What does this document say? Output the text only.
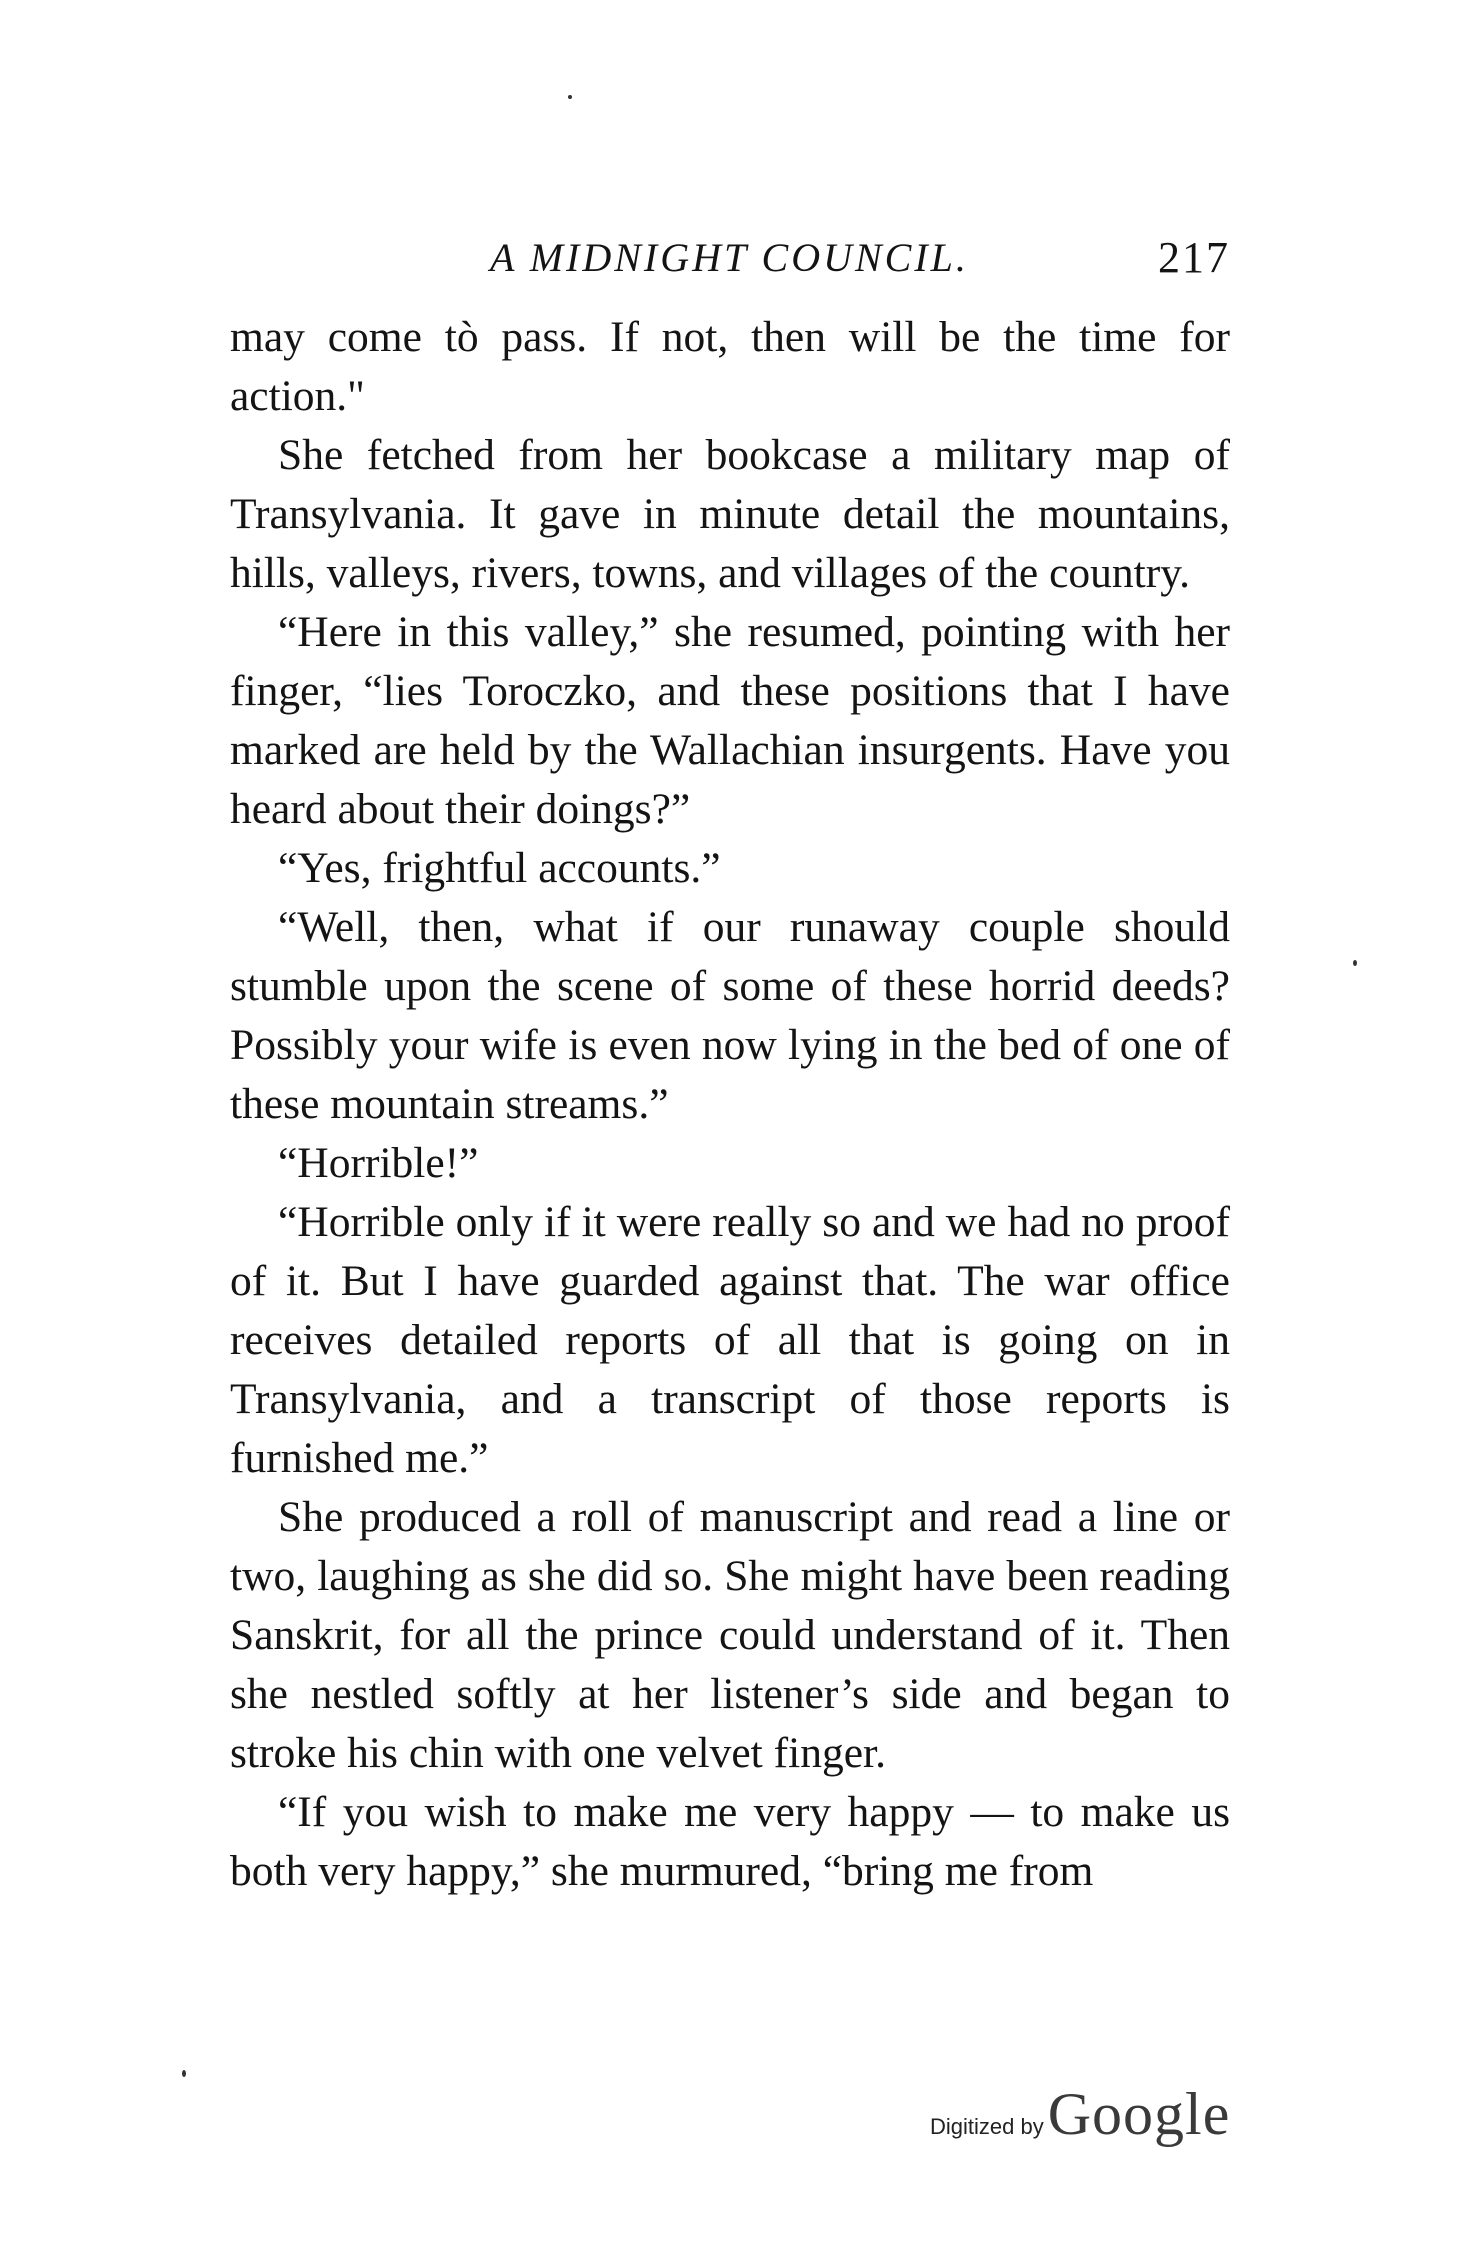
A MIDNIGHT COUNCIL.	217

may come tò pass. If not, then will be the time for action."

She fetched from her bookcase a military map of Transylvania. It gave in minute detail the mountains, hills, valleys, rivers, towns, and villages of the country.

“Here in this valley,” she resumed, pointing with her finger, “lies Toroczko, and these positions that I have marked are held by the Wallachian insurgents. Have you heard about their doings?”

“Yes, frightful accounts.”

“Well, then, what if our runaway couple should stumble upon the scene of some of these horrid deeds? Possibly your wife is even now lying in the bed of one of these mountain streams.”

“Horrible!”

“Horrible only if it were really so and we had no proof of it. But I have guarded against that. The war office receives detailed reports of all that is going on in Transylvania, and a transcript of those reports is furnished me.”

She produced a roll of manuscript and read a line or two, laughing as she did so. She might have been reading Sanskrit, for all the prince could understand of it. Then she nestled softly at her listener’s side and began to stroke his chin with one velvet finger.

“If you wish to make me very happy — to make us both very happy,” she murmured, “bring me from

Digitized by Google
